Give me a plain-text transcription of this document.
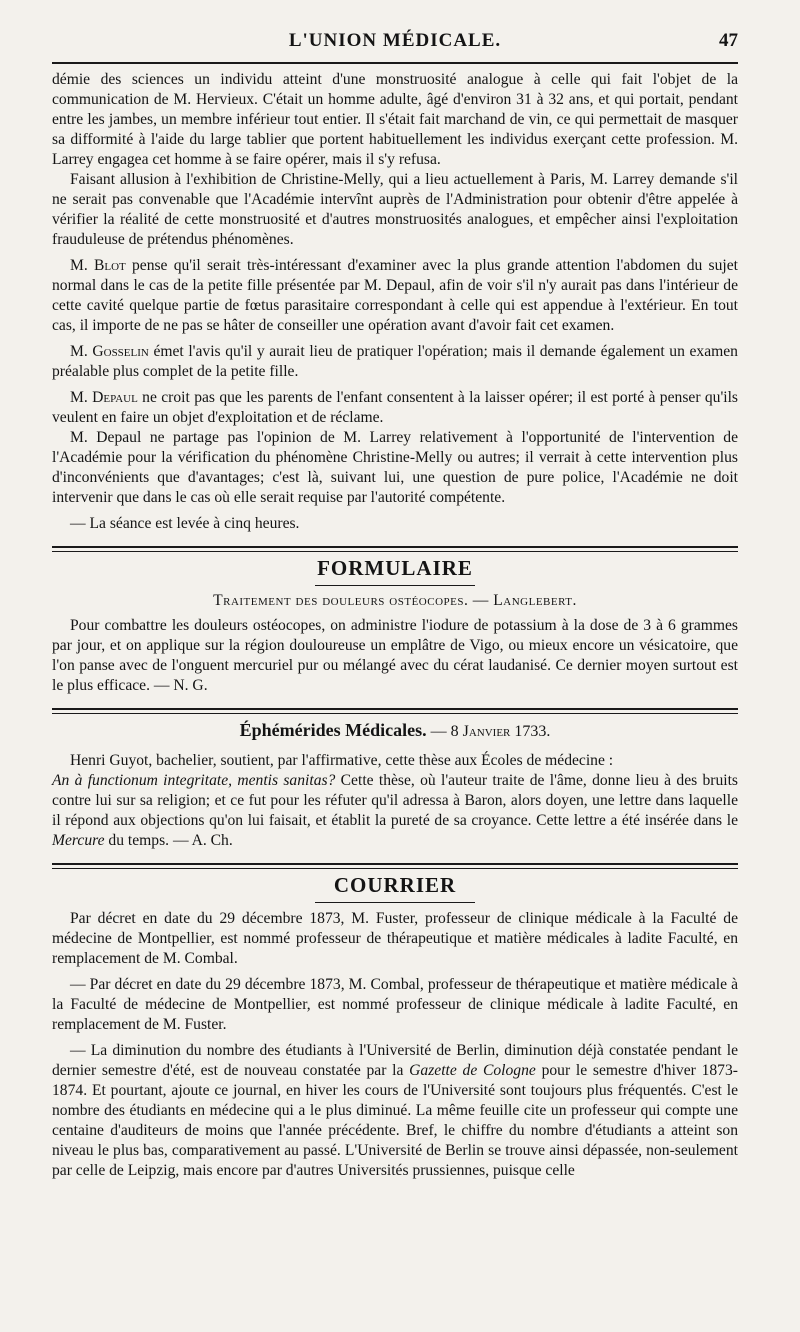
L'UNION MÉDICALE.	47

démie des sciences un individu atteint d'une monstruosité analogue à celle qui fait l'objet de la communication de M. Hervieux. C'était un homme adulte, âgé d'environ 31 à 32 ans, et qui portait, pendant entre les jambes, un membre inférieur tout entier. Il s'était fait marchand de vin, ce qui permettait de masquer sa difformité à l'aide du large tablier que portent habituellement les individus exerçant cette profession. M. Larrey engagea cet homme à se faire opérer, mais il s'y refusa.

Faisant allusion à l'exhibition de Christine-Melly, qui a lieu actuellement à Paris, M. Larrey demande s'il ne serait pas convenable que l'Académie intervînt auprès de l'Administration pour obtenir d'être appelée à vérifier la réalité de cette monstruosité et d'autres monstruosités analogues, et empêcher ainsi l'exploitation frauduleuse de prétendus phénomènes.

M. Blot pense qu'il serait très-intéressant d'examiner avec la plus grande attention l'abdomen du sujet normal dans le cas de la petite fille présentée par M. Depaul, afin de voir s'il n'y aurait pas dans l'intérieur de cette cavité quelque partie de fœtus parasitaire correspondant à celle qui est appendue à l'extérieur. En tout cas, il importe de ne pas se hâter de conseiller une opération avant d'avoir fait cet examen.

M. Gosselin émet l'avis qu'il y aurait lieu de pratiquer l'opération; mais il demande également un examen préalable plus complet de la petite fille.

M. Depaul ne croit pas que les parents de l'enfant consentent à la laisser opérer; il est porté à penser qu'ils veulent en faire un objet d'exploitation et de réclame.

M. Depaul ne partage pas l'opinion de M. Larrey relativement à l'opportunité de l'intervention de l'Académie pour la vérification du phénomène Christine-Melly ou autres; il verrait à cette intervention plus d'inconvénients que d'avantages; c'est là, suivant lui, une question de pure police, l'Académie ne doit intervenir que dans le cas où elle serait requise par l'autorité compétente.

— La séance est levée à cinq heures.

FORMULAIRE
Traitement des douleurs ostéocopes. — Langlebert.

Pour combattre les douleurs ostéocopes, on administre l'iodure de potassium à la dose de 3 à 6 grammes par jour, et on applique sur la région douloureuse un emplâtre de Vigo, ou mieux encore un vésicatoire, que l'on panse avec de l'onguent mercuriel pur ou mélangé avec du cérat laudanisé. Ce dernier moyen surtout est le plus efficace. — N. G.

Éphémérides Médicales. — 8 Janvier 1733.

Henri Guyot, bachelier, soutient, par l'affirmative, cette thèse aux Écoles de médecine :

An à functionum integritate, mentis sanitas? Cette thèse, où l'auteur traite de l'âme, donne lieu à des bruits contre lui sur sa religion; et ce fut pour les réfuter qu'il adressa à Baron, alors doyen, une lettre dans laquelle il répond aux objections qu'on lui faisait, et établit la pureté de sa croyance. Cette lettre a été insérée dans le Mercure du temps. — A. Ch.

COURRIER

Par décret en date du 29 décembre 1873, M. Fuster, professeur de clinique médicale à la Faculté de médecine de Montpellier, est nommé professeur de thérapeutique et matière médicales à ladite Faculté, en remplacement de M. Combal.

— Par décret en date du 29 décembre 1873, M. Combal, professeur de thérapeutique et matière médicale à la Faculté de médecine de Montpellier, est nommé professeur de clinique médicale à ladite Faculté, en remplacement de M. Fuster.

— La diminution du nombre des étudiants à l'Université de Berlin, diminution déjà constatée pendant le dernier semestre d'été, est de nouveau constatée par la Gazette de Cologne pour le semestre d'hiver 1873-1874. Et pourtant, ajoute ce journal, en hiver les cours de l'Université sont toujours plus fréquentés. C'est le nombre des étudiants en médecine qui a le plus diminué. La même feuille cite un professeur qui compte une centaine d'auditeurs de moins que l'année précédente. Bref, le chiffre du nombre d'étudiants a atteint son niveau le plus bas, comparativement au passé. L'Université de Berlin se trouve ainsi dépassée, non-seulement par celle de Leipzig, mais encore par d'autres Universités prussiennes, puisque celle
